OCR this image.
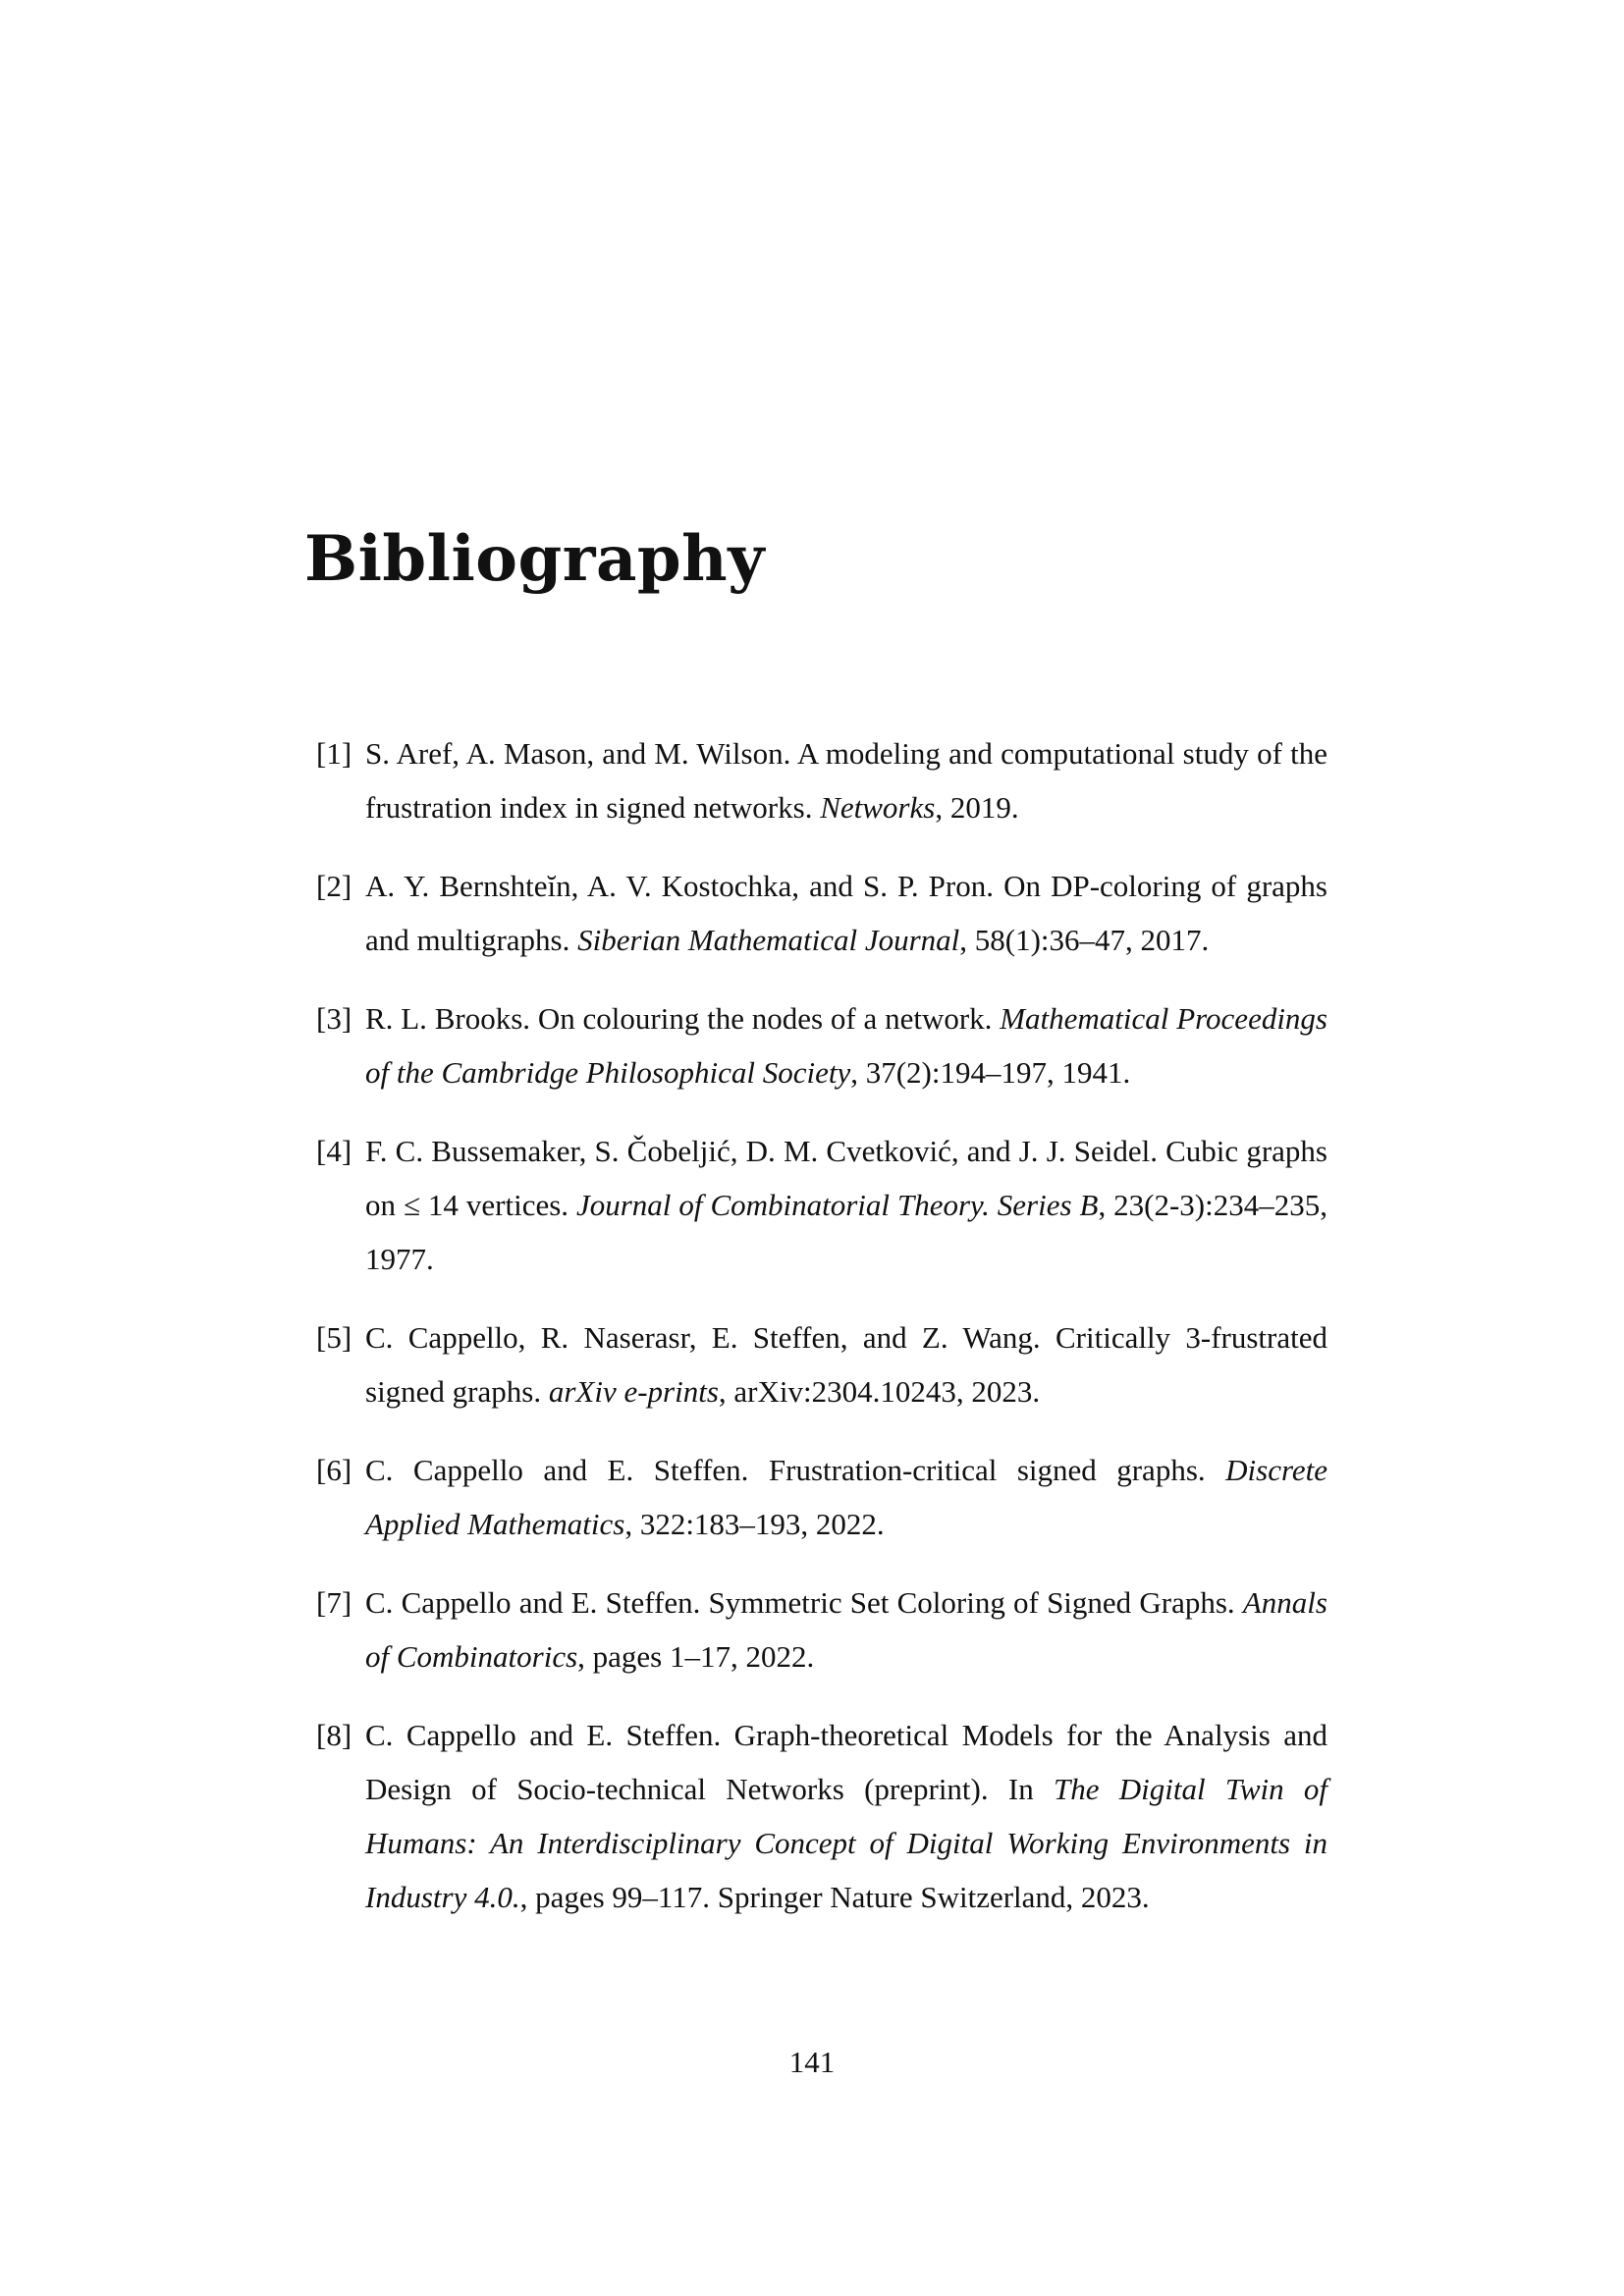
Bibliography
[1] S. Aref, A. Mason, and M. Wilson. A modeling and computational study of the frustration index in signed networks. Networks, 2019.
[2] A. Y. Bernshteĭn, A. V. Kostochka, and S. P. Pron. On DP-coloring of graphs and multigraphs. Siberian Mathematical Journal, 58(1):36–47, 2017.
[3] R. L. Brooks. On colouring the nodes of a network. Mathematical Proceedings of the Cambridge Philosophical Society, 37(2):194–197, 1941.
[4] F. C. Bussemaker, S. Čobeljić, D. M. Cvetković, and J. J. Seidel. Cubic graphs on ≤ 14 vertices. Journal of Combinatorial Theory. Series B, 23(2-3):234–235, 1977.
[5] C. Cappello, R. Naserasr, E. Steffen, and Z. Wang. Critically 3-frustrated signed graphs. arXiv e-prints, arXiv:2304.10243, 2023.
[6] C. Cappello and E. Steffen. Frustration-critical signed graphs. Discrete Applied Mathematics, 322:183–193, 2022.
[7] C. Cappello and E. Steffen. Symmetric Set Coloring of Signed Graphs. Annals of Combinatorics, pages 1–17, 2022.
[8] C. Cappello and E. Steffen. Graph-theoretical Models for the Analysis and Design of Socio-technical Networks (preprint). In The Digital Twin of Humans: An Interdisciplinary Concept of Digital Working Environments in Industry 4.0., pages 99–117. Springer Nature Switzerland, 2023.
141
